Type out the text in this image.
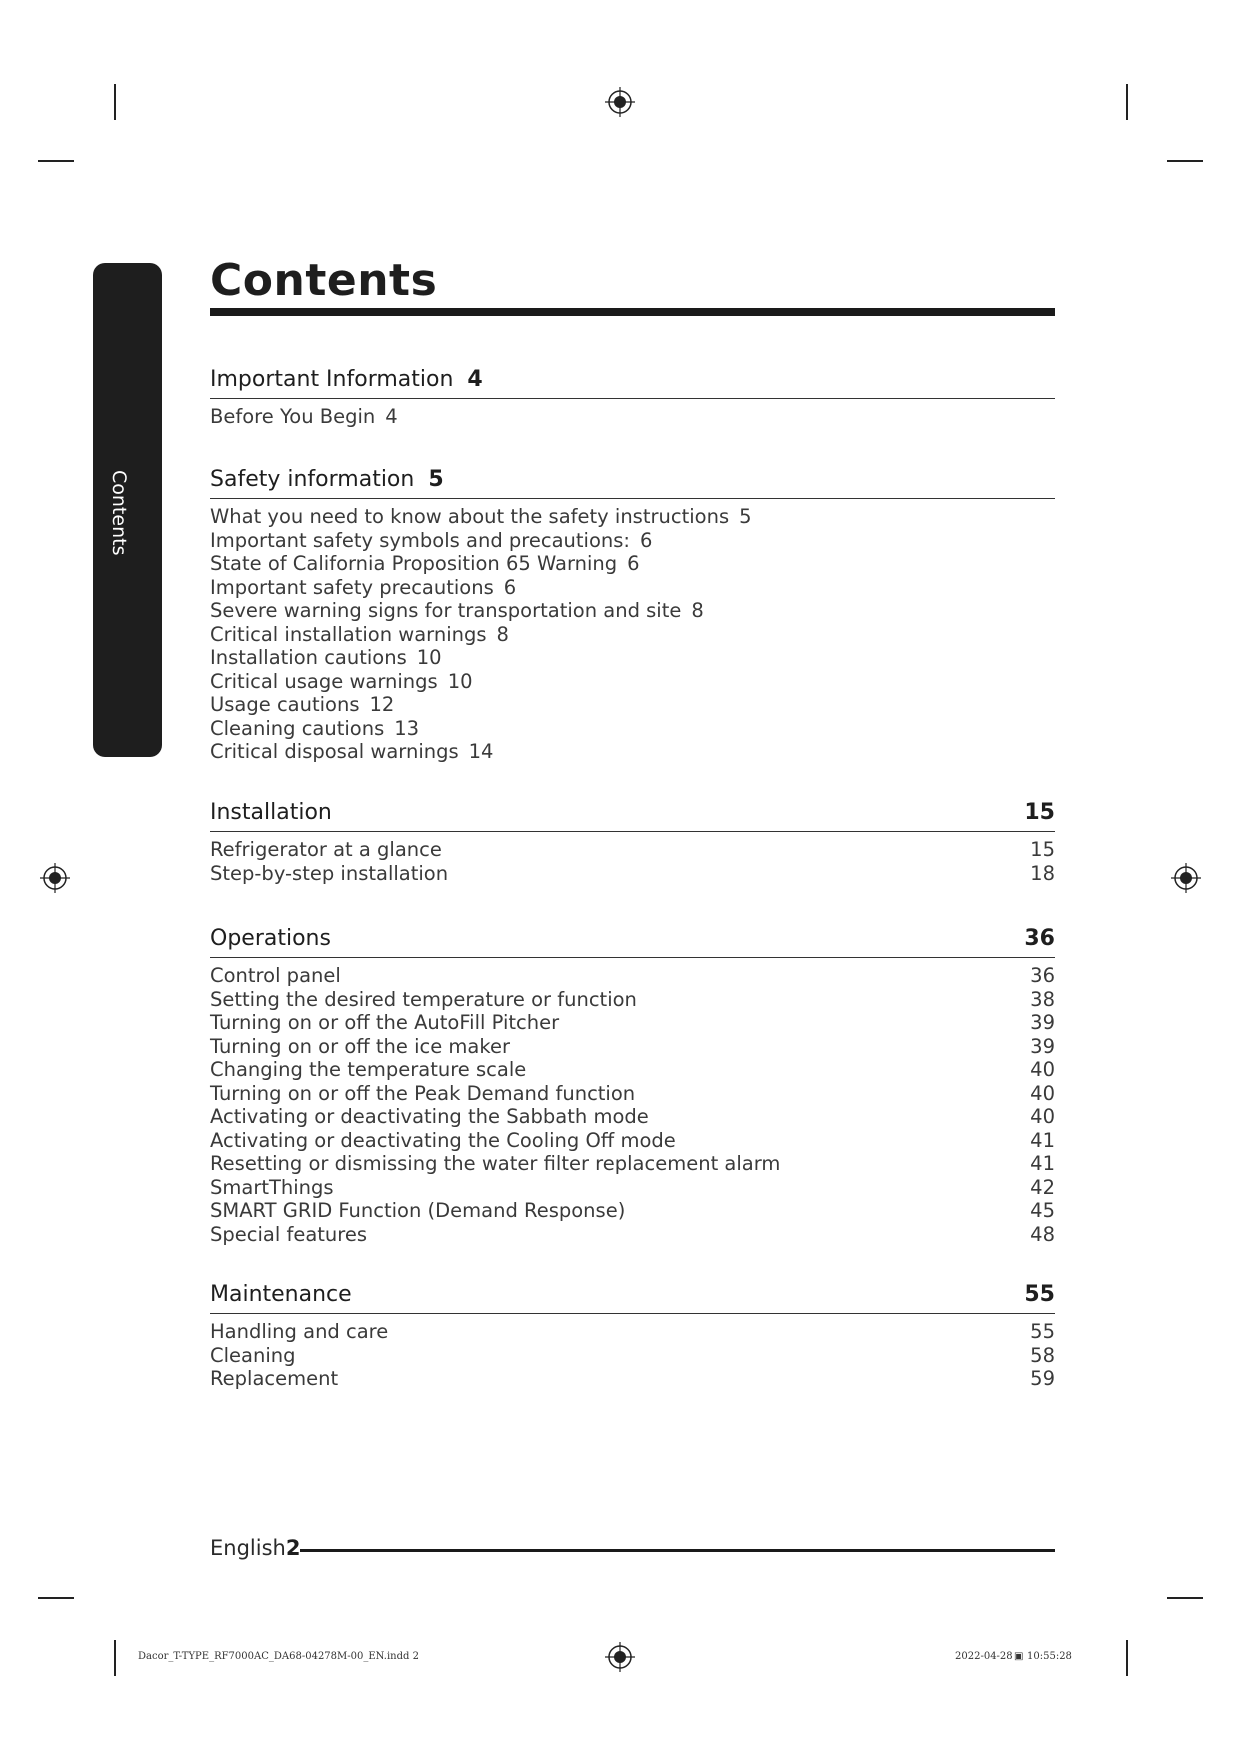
Contents
Contents
Important Information 4
Before You Begin 4
Safety information 5
What you need to know about the safety instructions 5
Important safety symbols and precautions: 6
State of California Proposition 65 Warning 6
Important safety precautions 6
Severe warning signs for transportation and site 8
Critical installation warnings 8
Installation cautions 10
Critical usage warnings 10
Usage cautions 12
Cleaning cautions 13
Critical disposal warnings 14
Installation	15
Refrigerator at a glance	15
Step-by-step installation	18
Operations	36
Control panel	36
Setting the desired temperature or function	38
Turning on or off the AutoFill Pitcher	39
Turning on or off the ice maker	39
Changing the temperature scale	40
Turning on or off the Peak Demand function	40
Activating or deactivating the Sabbath mode	40
Activating or deactivating the Cooling Off mode	41
Resetting or dismissing the water filter replacement alarm	41
SmartThings	42
SMART GRID Function (Demand Response)	45
Special features	48
Maintenance	55
Handling and care	55
Cleaning	58
Replacement	59
English2
Dacor_T-TYPE_RF7000AC_DA68-04278M-00_EN.indd 2	2022-04-28 ▣ 10:55:28
